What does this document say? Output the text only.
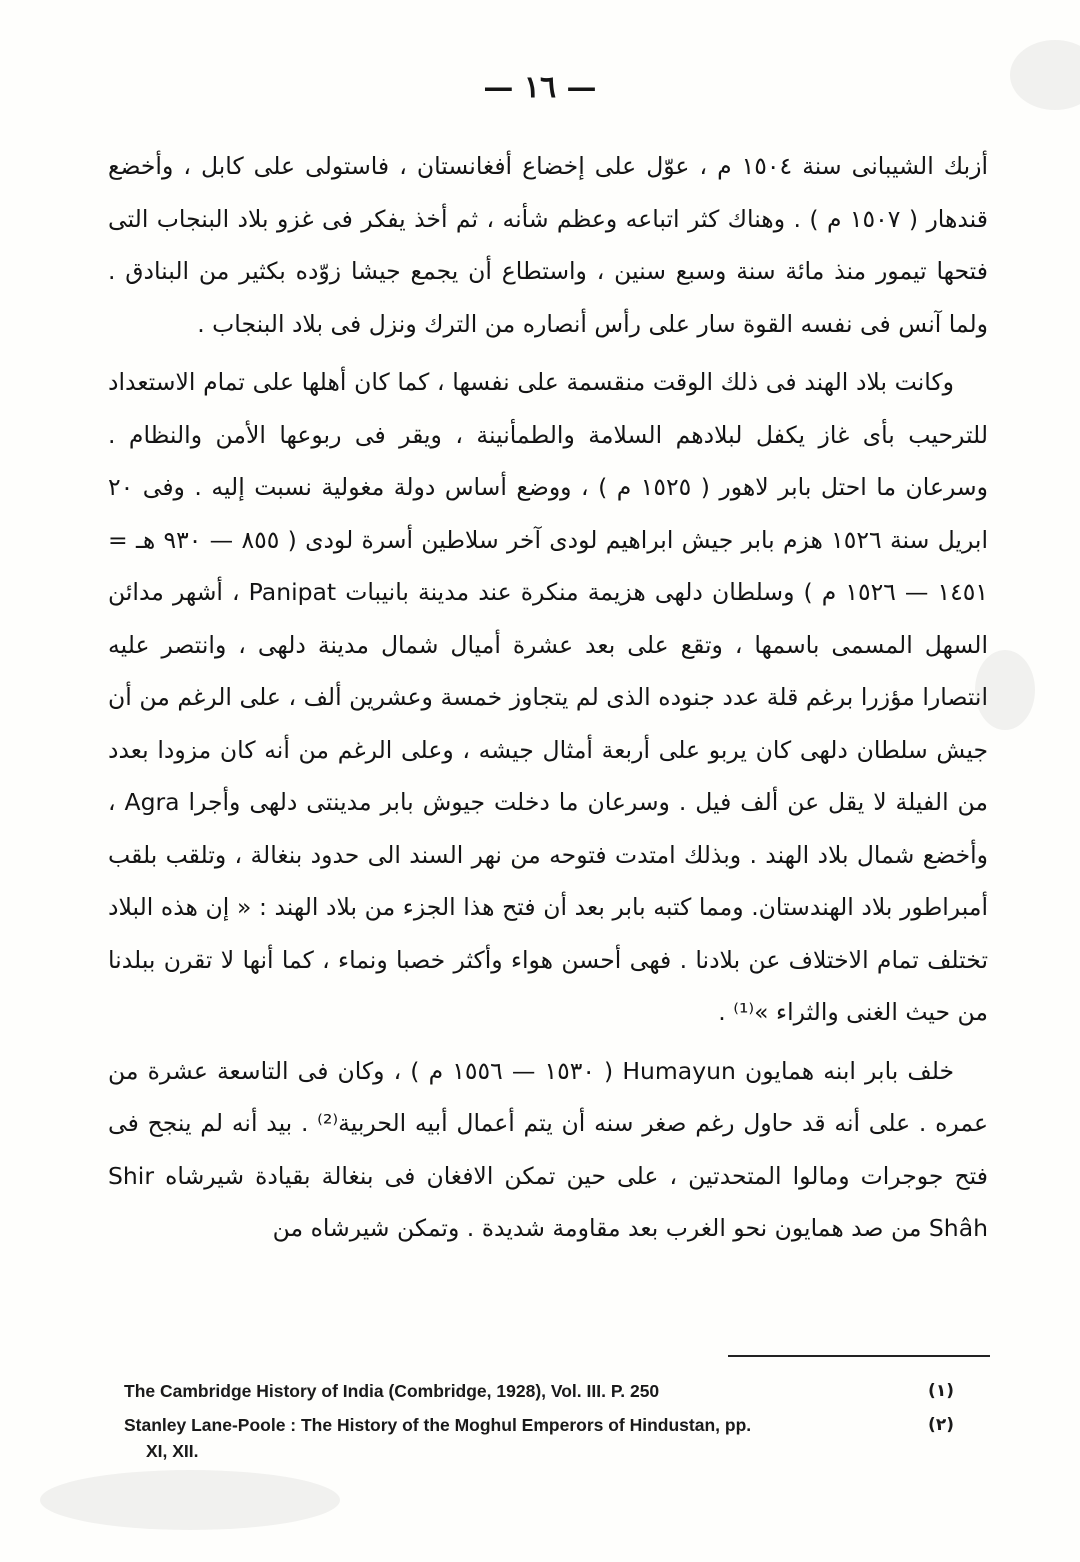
— ١٦ —

أزبك الشيبانى سنة ١٥٠٤ م ، عوّل على إخضاع أفغانستان ، فاستولى على كابل ، وأخضع قندهار ( ١٥٠٧ م ) . وهناك كثر اتباعه وعظم شأنه ، ثم أخذ يفكر فى غزو بلاد البنجاب التى فتحها تيمور منذ مائة سنة وسبع سنين ، واستطاع أن يجمع جيشا زوّده بكثير من البنادق . ولما آنس فى نفسه القوة سار على رأس أنصاره من الترك ونزل فى بلاد البنجاب .

وكانت بلاد الهند فى ذلك الوقت منقسمة على نفسها ، كما كان أهلها على تمام الاستعداد للترحيب بأى غاز يكفل لبلادهم السلامة والطمأنينة ، ويقر فى ربوعها الأمن والنظام . وسرعان ما احتل بابر لاهور ( ١٥٢٥ م ) ، ووضع أساس دولة مغولية نسبت إليه . وفى ٢٠ ابريل سنة ١٥٢٦ هزم بابر جيش ابراهيم لودى آخر سلاطين أسرة لودى ( ٨٥٥ — ٩٣٠ هـ = ١٤٥١ — ١٥٢٦ م ) وسلطان دلهى هزيمة منكرة عند مدينة بانيبات Panipat ، أشهر مدائن السهل المسمى باسمها ، وتقع على بعد عشرة أميال شمال مدينة دلهى ، وانتصر عليه انتصارا مؤزرا برغم قلة عدد جنوده الذى لم يتجاوز خمسة وعشرين ألف ، على الرغم من أن جيش سلطان دلهى كان يربو على أربعة أمثال جيشه ، وعلى الرغم من أنه كان مزودا بعدد من الفيلة لا يقل عن ألف فيل . وسرعان ما دخلت جيوش بابر مدينتى دلهى وأجرا Agra ، وأخضع شمال بلاد الهند . وبذلك امتدت فتوحه من نهر السند الى حدود بنغالة ، وتلقب بلقب أمبراطور بلاد الهندستان. ومما كتبه بابر بعد أن فتح هذا الجزء من بلاد الهند : « إن هذه البلاد تختلف تمام الاختلاف عن بلادنا . فهى أحسن هواء وأكثر خصبا ونماء ، كما أنها لا تقرن ببلدنا من حيث الغنى والثراء »⁽¹⁾ .

خلف بابر ابنه همايون Humayun ( ١٥٣٠ — ١٥٥٦ م ) ، وكان فى التاسعة عشرة من عمره . على أنه قد حاول رغم صغر سنه أن يتم أعمال أبيه الحربية⁽²⁾ . بيد أنه لم ينجح فى فتح جوجرات ومالوا المتحدتين ، على حين تمكن الافغان فى بنغالة بقيادة شيرشاه Shir Shâh من صد همايون نحو الغرب بعد مقاومة شديدة . وتمكن شيرشاه من

(١)
The Cambridge History of India (Combridge, 1928), Vol. III. P. 250
(٢)
Stanley Lane-Poole : The History of the Moghul Emperors of Hindustan, pp.
XI, XII.
